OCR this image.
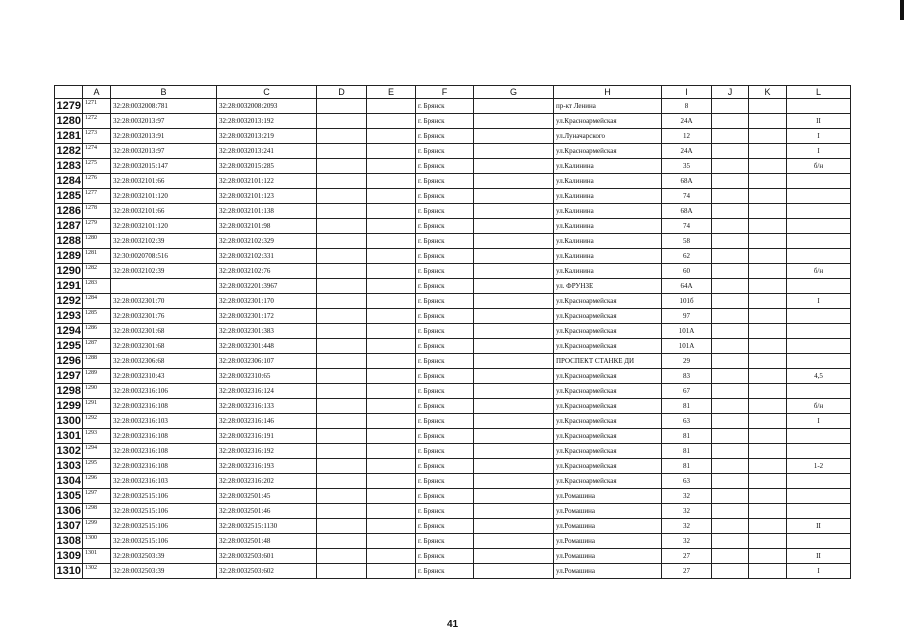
	A	B	C	D	E	F	G	H	I	J	K	L
1279	1271	32:28:0032008:781	32:28:0032008:2093			г. Брянск		пр-кт Ленина	8			
1280	1272	32:28:0032013:97	32:28:0032013:192			г. Брянск		ул.Красноармейская	24А			II
1281	1273	32:28:0032013:91	32:28:0032013:219			г. Брянск		ул.Луначарского	12			I
1282	1274	32:28:0032013:97	32:28:0032013:241			г. Брянск		ул.Красноармейская	24А			I
1283	1275	32:28:0032015:147	32:28:0032015:285			г. Брянск		ул.Калинина	35			б/н
1284	1276	32:28:0032101:66	32:28:0032101:122			г. Брянск		ул.Калинина	68А			
1285	1277	32:28:0032101:120	32:28:0032101:123			г. Брянск		ул.Калинина	74			
1286	1278	32:28:0032101:66	32:28:0032101:138			г. Брянск		ул.Калинина	68А			
1287	1279	32:28:0032101:120	32:28:0032101:98			г. Брянск		ул.Калинина	74			
1288	1280	32:28:0032102:39	32:28:0032102:329			г. Брянск		ул.Калинина	58			
1289	1281	32:30:0020708:516	32:28:0032102:331			г. Брянск		ул.Калинина	62			
1290	1282	32:28:0032102:39	32:28:0032102:76			г. Брянск		ул.Калинина	60			б/н
1291	1283		32:28:0032201:3967			г. Брянск		ул. ФРУНЗЕ	64А			
1292	1284	32:28:0032301:70	32:28:0032301:170			г. Брянск		ул.Красноармейская	101б			I
1293	1285	32:28:0032301:76	32:28:0032301:172			г. Брянск		ул.Красноармейская	97			
1294	1286	32:28:0032301:68	32:28:0032301:383			г. Брянск		ул.Красноармейская	101А			
1295	1287	32:28:0032301:68	32:28:0032301:448			г. Брянск		ул.Красноармейская	101А			
1296	1288	32:28:0032306:68	32:28:0032306:107			г. Брянск		ПРОСПЕКТ СТАНКЕ ДИ	29			
1297	1289	32:28:0032310:43	32:28:0032310:65			г. Брянск		ул.Красноармейская	83			4,5
1298	1290	32:28:0032316:106	32:28:0032316:124			г. Брянск		ул.Красноармейская	67			
1299	1291	32:28:0032316:108	32:28:0032316:133			г. Брянск		ул.Красноармейская	81			б/н
1300	1292	32:28:0032316:103	32:28:0032316:146			г. Брянск		ул.Красноармейская	63			I
1301	1293	32:28:0032316:108	32:28:0032316:191			г. Брянск		ул.Красноармейская	81			
1302	1294	32:28:0032316:108	32:28:0032316:192			г. Брянск		ул.Красноармейская	81			
1303	1295	32:28:0032316:108	32:28:0032316:193			г. Брянск		ул.Красноармейская	81			1-2
1304	1296	32:28:0032316:103	32:28:0032316:202			г. Брянск		ул.Красноармейская	63			
1305	1297	32:28:0032515:106	32:28:0032501:45			г. Брянск		ул.Ромашина	32			
1306	1298	32:28:0032515:106	32:28:0032501:46			г. Брянск		ул.Ромашина	32			
1307	1299	32:28:0032515:106	32:28:0032515:1130			г. Брянск		ул.Ромашина	32			II
1308	1300	32:28:0032515:106	32:28:0032501:48			г. Брянск		ул.Ромашина	32			
1309	1301	32:28:0032503:39	32:28:0032503:601			г. Брянск		ул.Ромашина	27			II
1310	1302	32:28:0032503:39	32:28:0032503:602			г. Брянск		ул.Ромашина	27			I
41
